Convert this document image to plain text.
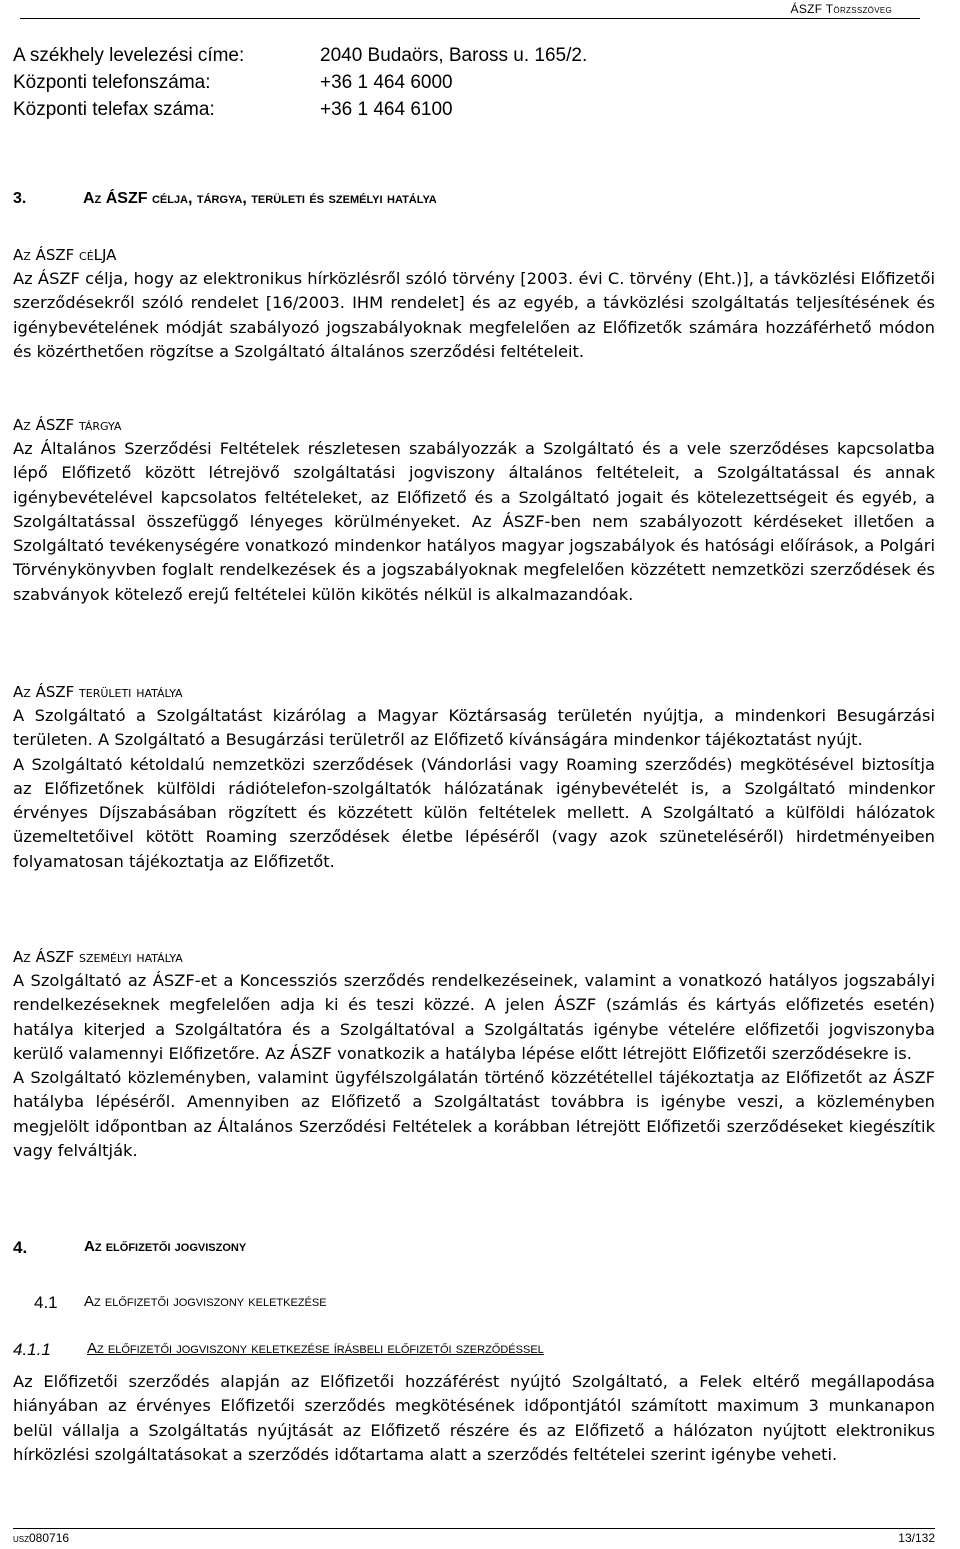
ÁSZF Törzsszöveg
A székhely levelezési címe:	2040 Budaörs, Baross u. 165/2.
Központi telefonszáma:	+36 1 464 6000
Központi telefax száma:	+36 1 464 6100
3.	Az ÁSZF célja, tárgya, területi és személyi hatálya

Az ÁSZF céLJA

Az ÁSZF célja, hogy az elektronikus hírközlésről szóló törvény [2003. évi C. törvény (Eht.)], a távközlési Előfizetői szerződésekről szóló rendelet [16/2003. IHM rendelet] és az egyéb, a távközlési szolgáltatás teljesítésének és igénybevételének módját szabályozó jogszabályoknak megfelelően az Előfizetők számára hozzáférhető módon és közérthetően rögzítse a Szolgáltató általános szerződési feltételeit.

Az ÁSZF tárgya

Az Általános Szerződési Feltételek részletesen szabályozzák a Szolgáltató és a vele szerződéses kapcsolatba lépő Előfizető között létrejövő szolgáltatási jogviszony általános feltételeit, a Szolgáltatással és annak igénybevételével kapcsolatos feltételeket, az Előfizető és a Szolgáltató jogait és kötelezettségeit és egyéb, a Szolgáltatással összefüggő lényeges körülményeket. Az ÁSZF-ben nem szabályozott kérdéseket illetően a Szolgáltató tevékenységére vonatkozó mindenkor hatályos magyar jogszabályok és hatósági előírások, a Polgári Törvénykönyvben foglalt rendelkezések és a jogszabályoknak megfelelően közzétett nemzetközi szerződések és szabványok kötelező erejű feltételei külön kikötés nélkül is alkalmazandóak.

Az ÁSZF területi hatálya

A Szolgáltató a Szolgáltatást kizárólag a Magyar Köztársaság területén nyújtja, a mindenkori Besugárzási területen. A Szolgáltató a Besugárzási területről az Előfizető kívánságára mindenkor tájékoztatást nyújt.

A Szolgáltató kétoldalú nemzetközi szerződések (Vándorlási vagy Roaming szerződés) megkötésével biztosítja az Előfizetőnek külföldi rádiótelefon-szolgáltatók hálózatának igénybevételét is, a Szolgáltató mindenkor érvényes Díjszabásában rögzített és közzétett külön feltételek mellett. A Szolgáltató a külföldi hálózatok üzemeltetőivel kötött Roaming szerződések életbe lépéséről (vagy azok szüneteléséről) hirdetményeiben folyamatosan tájékoztatja az Előfizetőt.

Az ÁSZF személyi hatálya

A Szolgáltató az ÁSZF-et a Koncessziós szerződés rendelkezéseinek, valamint a vonatkozó hatályos jogszabályi rendelkezéseknek megfelelően adja ki és teszi közzé. A jelen ÁSZF (számlás és kártyás előfizetés esetén) hatálya kiterjed a Szolgáltatóra és a Szolgáltatóval a Szolgáltatás igénybe vételére előfizetői jogviszonyba kerülő valamennyi Előfizetőre. Az ÁSZF vonatkozik a hatályba lépése előtt létrejött Előfizetői szerződésekre is.

A Szolgáltató közleményben, valamint ügyfélszolgálatán történő közzététellel tájékoztatja az Előfizetőt az ÁSZF hatályba lépéséről. Amennyiben az Előfizető a Szolgáltatást továbbra is igénybe veszi, a közleményben megjelölt időpontban az Általános Szerződési Feltételek a korábban létrejött Előfizetői szerződéseket kiegészítik vagy felváltják.

4.	Az előfizetői jogviszony
4.1	Az előfizetői jogviszony keletkezése
4.1.1	Az előfizetői jogviszony keletkezése írásbeli előfizetői szerződéssel

Az Előfizetői szerződés alapján az Előfizetői hozzáférést nyújtó Szolgáltató, a Felek eltérő megállapodása hiányában az érvényes Előfizetői szerződés megkötésének időpontjától számított maximum 3 munkanapon belül vállalja a Szolgáltatás nyújtását az Előfizető részére és az Előfizető a hálózaton nyújtott elektronikus hírközlési szolgáltatásokat a szerződés időtartama alatt a szerződés feltételei szerint igénybe veheti.

usz080716	13/132
